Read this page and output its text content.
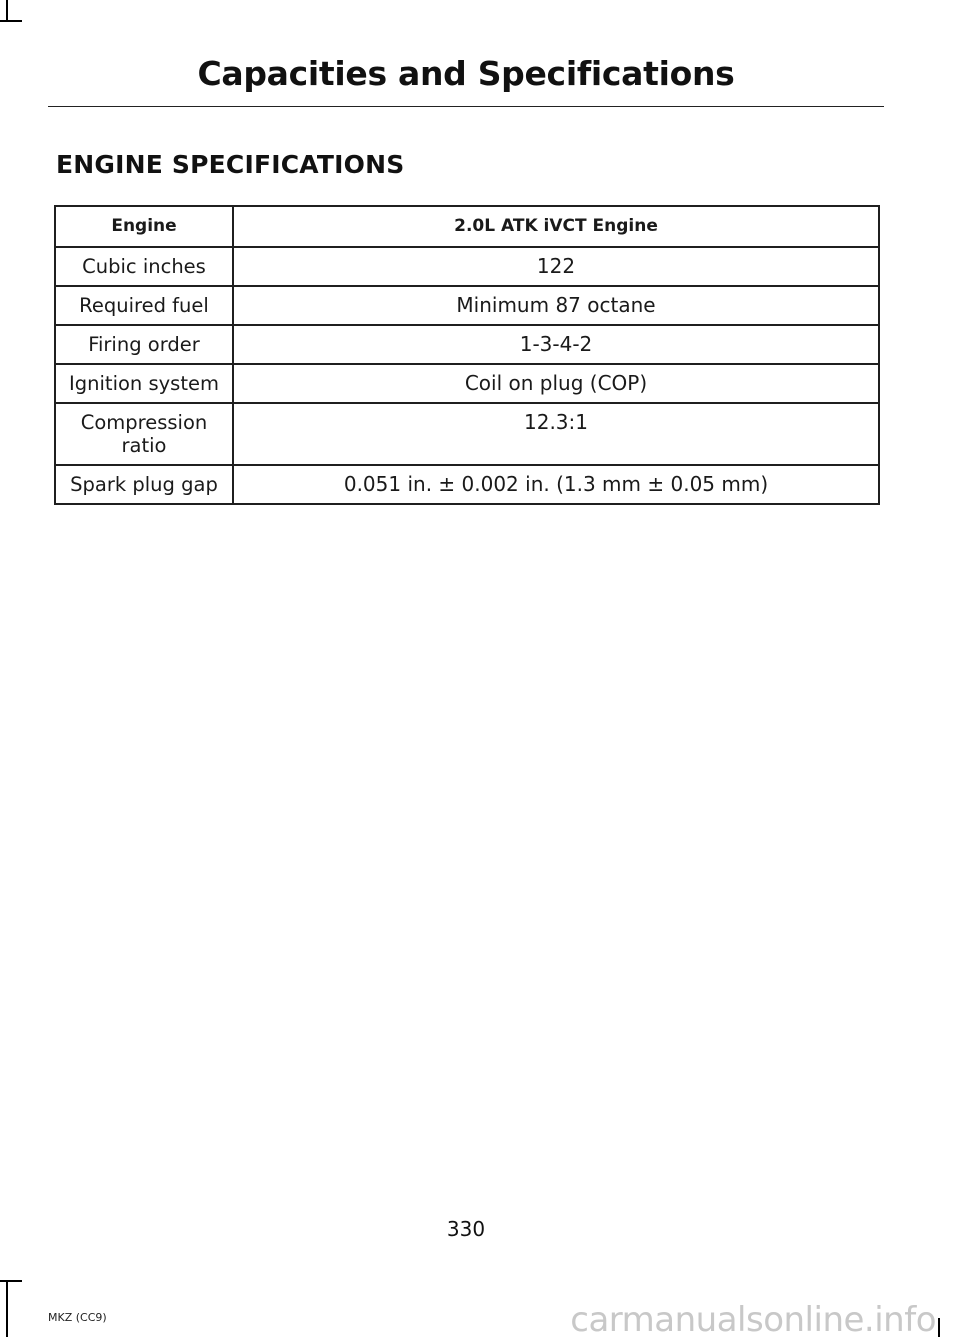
Capacities and Specifications
ENGINE SPECIFICATIONS
Engine	2.0L ATK iVCT Engine
Cubic inches	122
Required fuel	Minimum 87 octane
Firing order	1-3-4-2
Ignition system	Coil on plug (COP)
Compression ratio	12.3:1
Spark plug gap	0.051 in. ± 0.002 in. (1.3 mm ± 0.05 mm)
330
MKZ (CC9)	carmanualsonline.info
